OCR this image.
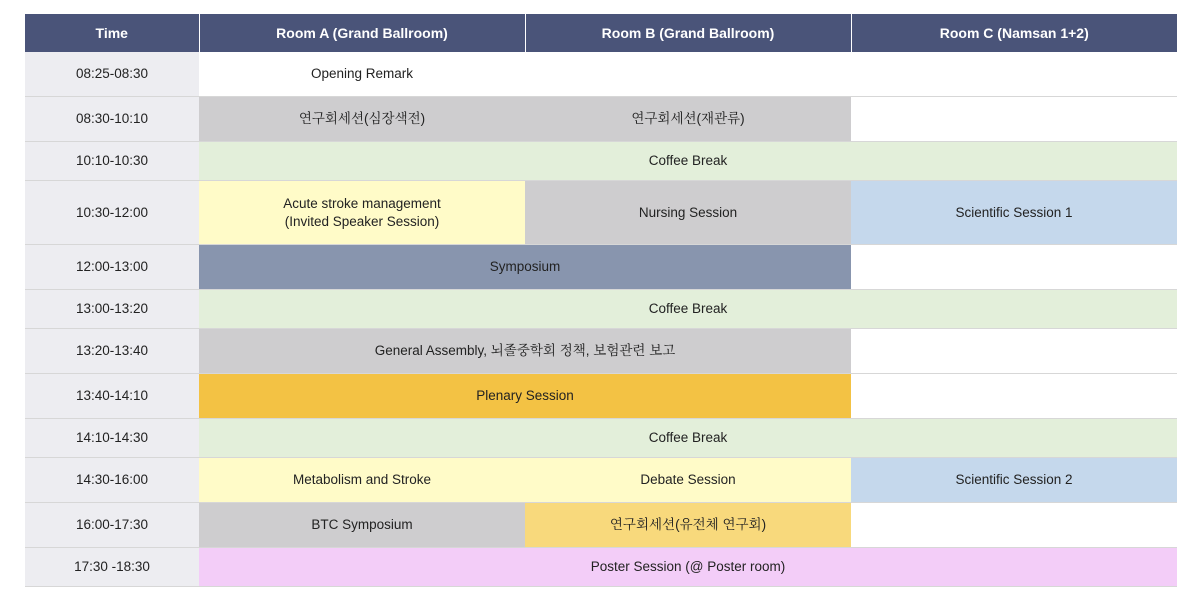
Time	Room A (Grand Ballroom)	Room B (Grand Ballroom)	Room C (Namsan 1+2)
08:25-08:30	Opening Remark		

08:30-10:10	연구회세션(심장색전)	연구회세션(재관류)	

10:10-10:30	Coffee Break		

10:30-12:00	Acute stroke management
(Invited Speaker Session)	Nursing Session	Scientific Session 1

12:00-13:00	Symposium		

13:00-13:20	Coffee Break		

13:20-13:40	General Assembly, 뇌졸중학회 정책, 보험관련 보고		

13:40-14:10	Plenary Session		

14:10-14:30	Coffee Break		

14:30-16:00	Metabolism and Stroke	Debate Session	Scientific Session 2

16:00-17:30	BTC Symposium	연구회세션(유전체 연구회)	

17:30 -18:30	Poster Session (@ Poster room)		
